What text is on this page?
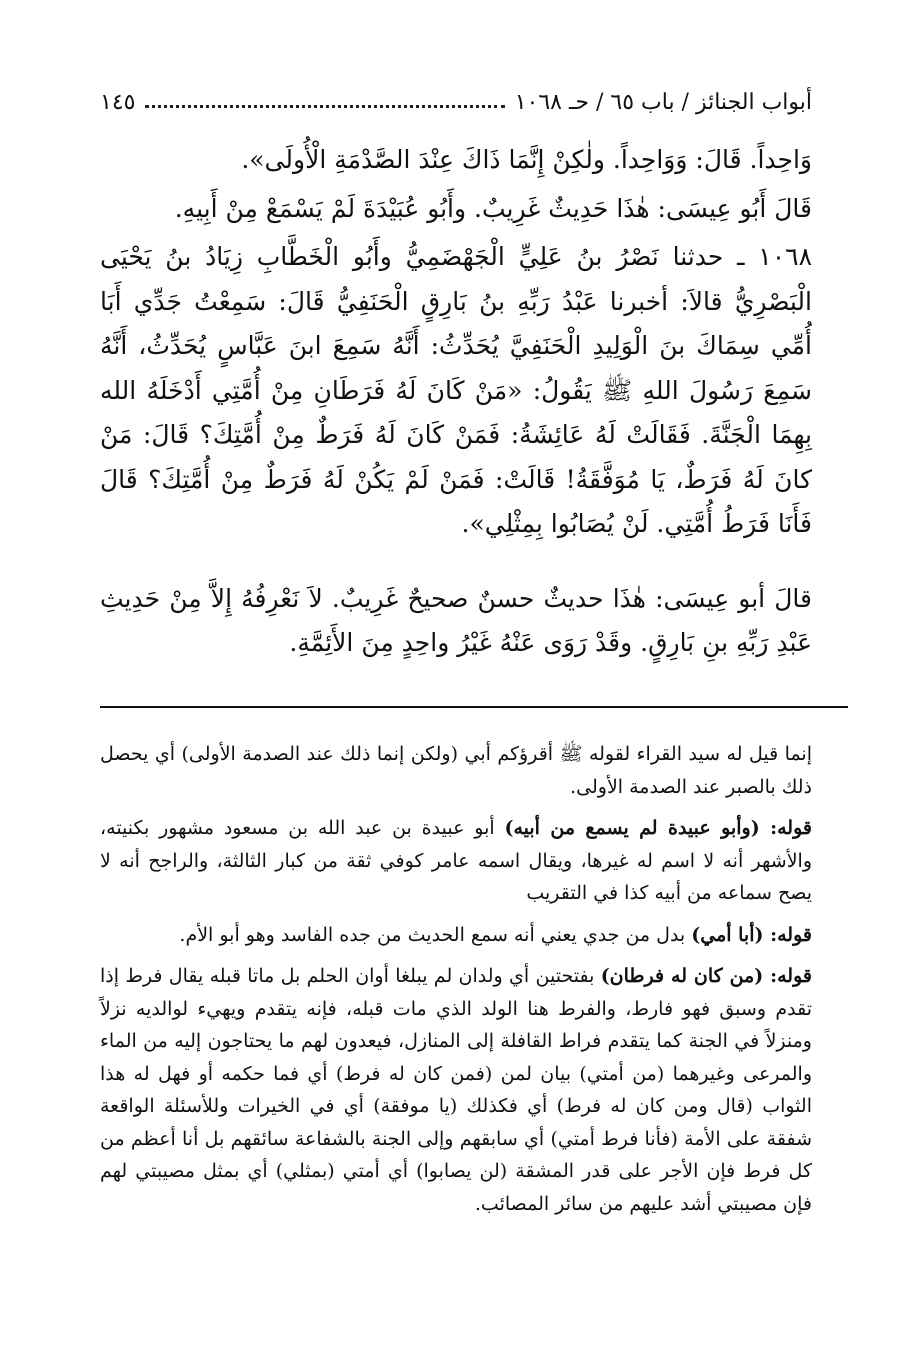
أبواب الجنائز / باب ٦٥ / حـ ١٠٦٨
١٤٥

وَاحِداً. قَالَ: وَوَاحِداً. ولٰكِنْ إِنَّمَا ذَاكَ عِنْدَ الصَّدْمَةِ الْأُولَى».

قَالَ أَبُو عِيسَى: هٰذَا حَدِيثٌ غَرِيبٌ. وأَبُو عُبَيْدَةَ لَمْ يَسْمَعْ مِنْ أَبِيهِ.

١٠٦٨ ـ حدثنا نَصْرُ بنُ عَلِيٍّ الْجَهْضَمِيُّ وأَبُو الْخَطَّابِ زِيَادُ بنُ يَحْيَى الْبَصْرِيُّ قالاَ: أخبرنا عَبْدُ رَبِّهِ بنُ بَارِقٍ الْحَنَفِيُّ قَالَ: سَمِعْتُ جَدِّي أَبَا أُمِّي سِمَاكَ بنَ الْوَلِيدِ الْحَنَفِيَّ يُحَدِّثُ: أَنَّهُ سَمِعَ ابنَ عَبَّاسٍ يُحَدِّثُ، أَنَّهُ سَمِعَ رَسُولَ اللهِ ﷺ يَقُولُ: «مَنْ كَانَ لَهُ فَرَطَانِ مِنْ أُمَّتِي أَدْخَلَهُ الله بِهِمَا الْجَنَّةَ. فَقَالَتْ لَهُ عَائِشَةُ: فَمَنْ كَانَ لَهُ فَرَطٌ مِنْ أُمَّتِكَ؟ قَالَ: مَنْ كانَ لَهُ فَرَطٌ، يَا مُوَفَّقَةُ! قَالَتْ: فَمَنْ لَمْ يَكُنْ لَهُ فَرَطٌ مِنْ أُمَّتِكَ؟ قَالَ فَأَنَا فَرَطُ أُمَّتِي. لَنْ يُصَابُوا بِمِثْلِي».

قالَ أبو عِيسَى: هٰذَا حديثٌ حسنٌ صحيحٌ غَرِيبٌ. لاَ نَعْرِفُهُ إِلاَّ مِنْ حَدِيثِ عَبْدِ رَبِّهِ بنِ بَارِقٍ. وقَدْ رَوَى عَنْهُ غَيْرُ واحِدٍ مِنَ الأَئِمَّةِ.

إنما قيل له سيد القراء لقوله ﷺ أقرؤكم أبي (ولكن إنما ذلك عند الصدمة الأولى) أي يحصل ذلك بالصبر عند الصدمة الأولى.

قوله: (وأبو عبيدة لم يسمع من أبيه) أبو عبيدة بن عبد الله بن مسعود مشهور بكنيته، والأشهر أنه لا اسم له غيرها، ويقال اسمه عامر كوفي ثقة من كبار الثالثة، والراجح أنه لا يصح سماعه من أبيه كذا في التقريب

قوله: (أبا أمي) بدل من جدي يعني أنه سمع الحديث من جده الفاسد وهو أبو الأم.

قوله: (من كان له فرطان) بفتحتين أي ولدان لم يبلغا أوان الحلم بل ماتا قبله يقال فرط إذا تقدم وسبق فهو فارط، والفرط هنا الولد الذي مات قبله، فإنه يتقدم ويهيء لوالديه نزلاً ومنزلاً في الجنة كما يتقدم فراط القافلة إلى المنازل، فيعدون لهم ما يحتاجون إليه من الماء والمرعى وغيرهما (من أمتي) بيان لمن (فمن كان له فرط) أي فما حكمه أو فهل له هذا الثواب (قال ومن كان له فرط) أي فكذلك (يا موفقة) أي في الخيرات وللأسئلة الواقعة شفقة على الأمة (فأنا فرط أمتي) أي سابقهم وإلى الجنة بالشفاعة سائقهم بل أنا أعظم من كل فرط فإن الأجر على قدر المشقة (لن يصابوا) أي أمتي (بمثلي) أي بمثل مصيبتي لهم فإن مصيبتي أشد عليهم من سائر المصائب.
